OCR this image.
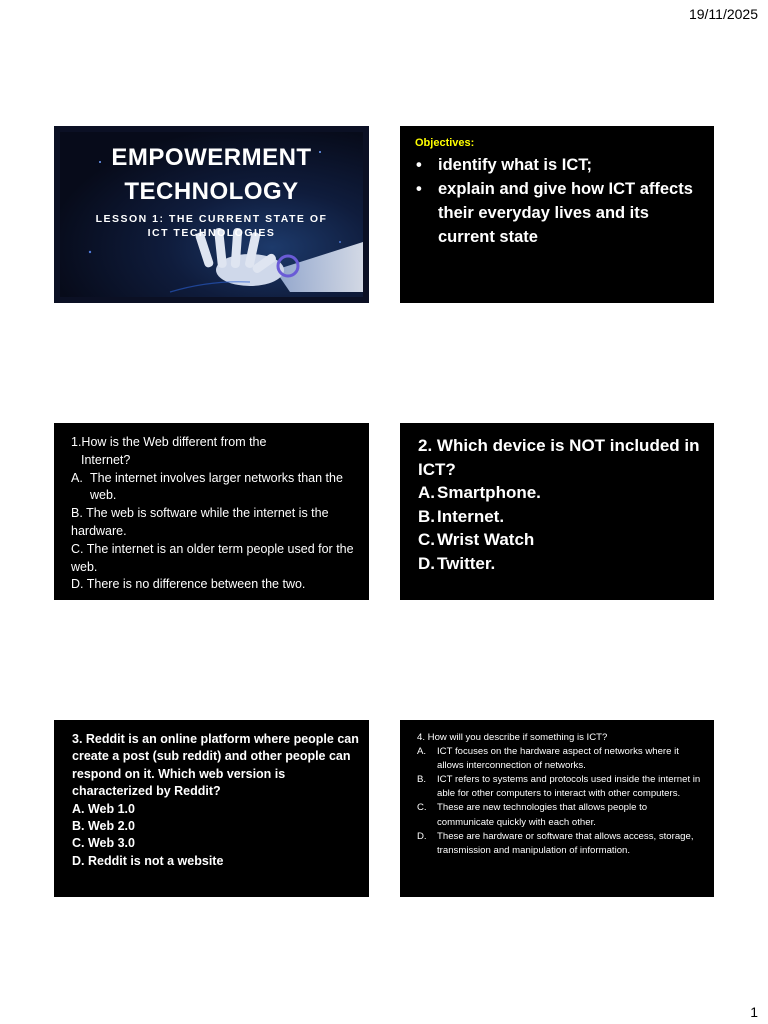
19/11/2025
EMPOWERMENT
TECHNOLOGY
LESSON 1: THE CURRENT STATE OF
ICT TECHNOLOGIES
Objectives:
• identify what is ICT;
• explain and give how ICT affects their everyday lives and its current state
1.How is the Web different from the
Internet?
A. The internet involves larger networks than the web.
B. The web is software while the internet is the hardware.
C. The internet is an older term people used for the web.
D. There is no difference between the two.
2. Which device is NOT included in ICT?
A. Smartphone.
B. Internet.
C. Wrist Watch
D. Twitter.
3. Reddit is an online platform where people can create a post (sub reddit) and other people can respond on it. Which web version is characterized by Reddit?
A. Web 1.0
B. Web 2.0
C. Web 3.0
D. Reddit is not a website
4. How will you describe if something is ICT?
A. ICT focuses on the hardware aspect of networks where it allows interconnection of networks.
B. ICT refers to systems and protocols used inside the internet in able for other computers to interact with other computers.
C. These are new technologies that allows people to communicate quickly with each other.
D. These are hardware or software that allows access, storage, transmission and manipulation of information.
1
